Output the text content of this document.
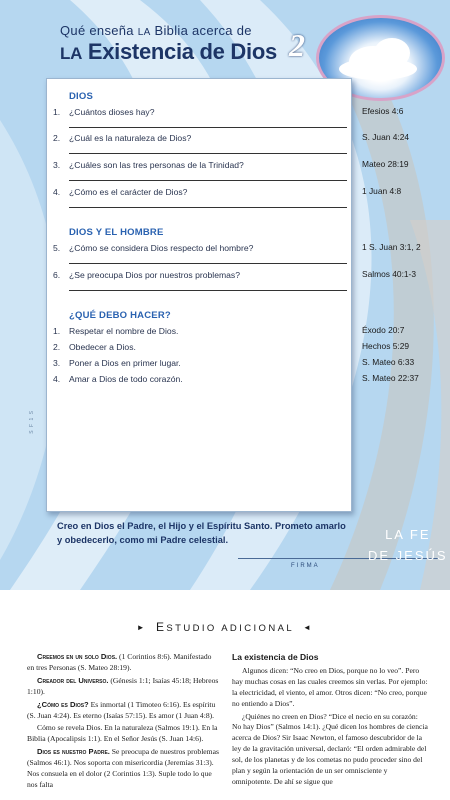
Qué enseña LA Biblia acerca de
LA Existencia de Dios 2
S F 1 S
DIOS
1. ¿Cuántos dioses hay?
2. ¿Cuál es la naturaleza de Dios?
3. ¿Cuáles son las tres personas de la Trinidad?
4. ¿Cómo es el carácter de Dios?
DIOS Y EL HOMBRE
5. ¿Cómo se considera Dios respecto del hombre?
6. ¿Se preocupa Dios por nuestros problemas?
¿QUÉ DEBO HACER?
1. Respetar el nombre de Dios.
2. Obedecer a Dios.
3. Poner a Dios en primer lugar.
4. Amar a Dios de todo corazón.
Efesios 4:6
S. Juan 4:24
Mateo 28:19
1 Juan 4:8
1 S. Juan 3:1, 2
Salmos 40:1-3
Éxodo 20:7
Hechos 5:29
S. Mateo 6:33
S. Mateo 22:37
Creo en Dios el Padre, el Hijo y el Espíritu Santo. Prometo amarlo
y obedecerlo, como mi Padre celestial.
FIRMA
LA FE
DE JESÚS
► ESTUDIO ADICIONAL ◄

Creemos en un solo Dios. (1 Corintios 8:6). Manifestado en tres Personas (S. Mateo 28:19).

Creador del Universo. (Génesis 1:1; Isaías 45:18; Hebreos 1:10).

¿Cómo es Dios? Es inmortal (1 Timoteo 6:16). Es espíritu (S. Juan 4:24). Es eterno (Isaías 57:15). Es amor (1 Juan 4:8).

Cómo se revela Dios. En la naturaleza (Salmos 19:1). En la Biblia (Apocalipsis 1:1). En el Señor Jesús (S. Juan 14:6).

Dios es nuestro Padre. Se preocupa de nuestros problemas (Salmos 46:1). Nos soporta con misericordia (Jeremías 31:3). Nos consuela en el dolor (2 Corintios 1:3). Suple todo lo que nos falta

La existencia de Dios

Algunos dicen: “No creo en Dios, porque no lo veo”. Pero hay muchas cosas en las cuales creemos sin verlas. Por ejemplo: la electricidad, el viento, el amor. Otros dicen: “No creo, porque no entiendo a Dios”.

¿Quiénes no creen en Dios? “Dice el necio en su corazón: No hay Dios” (Salmos 14:1). ¿Qué dicen los hombres de ciencia acerca de Dios? Sir Isaac Newton, el famoso descubridor de la ley de la gravitación universal, declaró: “El orden admirable del sol, de los planetas y de los cometas no pudo proceder sino del plan y según la orientación de un ser omnisciente y omnipotente. De ahí se sigue que
